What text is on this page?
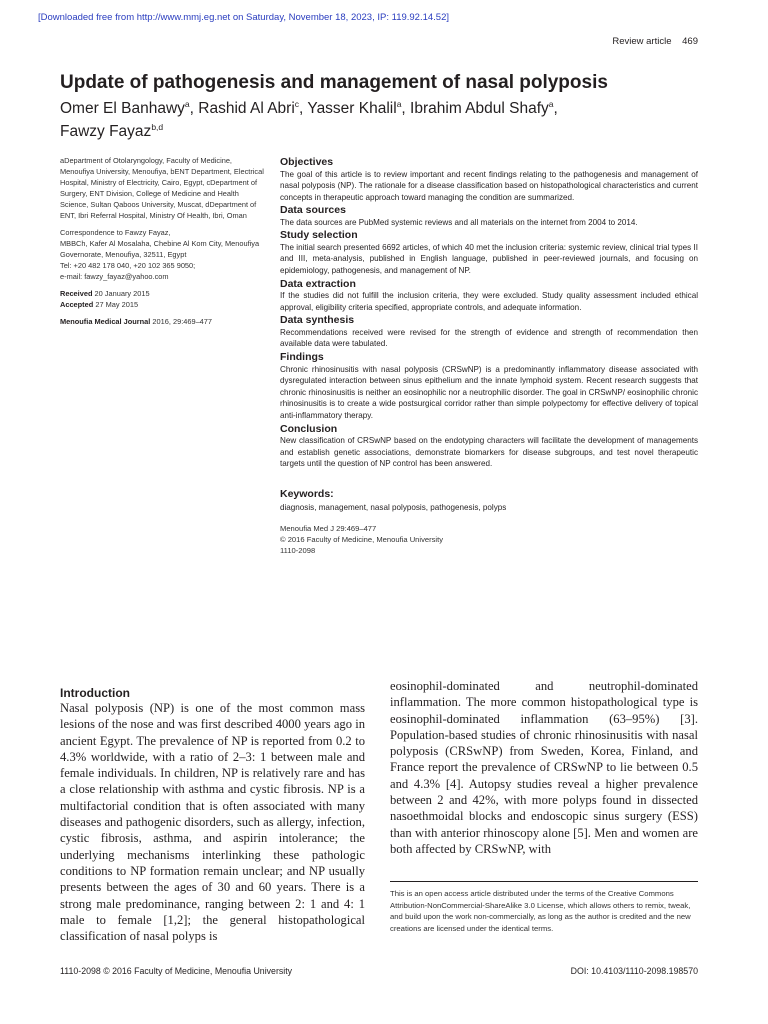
[Downloaded free from http://www.mmj.eg.net on Saturday, November 18, 2023, IP: 119.92.14.52]
Review article 469
Update of pathogenesis and management of nasal polyposis
Omer El Banhawy$^a$, Rashid Al Abri$^c$, Yasser Khalil$^a$, Ibrahim Abdul Shafy$^a$,
Fawzy Fayaz$^{b,d}$

aDepartment of Otolaryngology, Faculty of Medicine, Menoufiya University, Menoufiya, bENT Department, Electrical Hospital, Ministry of Electricity, Cairo, Egypt, cDepartment of Surgery, ENT Division, College of Medicine and Health Science, Sultan Qaboos University, Muscat, dDepartment of ENT, Ibri Referral Hospital, Ministry Of Health, Ibri, Oman

Correspondence to Fawzy Fayaz,

MBBCh, Kafer Al Mosalaha, Chebine Al Kom City, Menoufiya Governorate, Menoufiya, 32511, Egypt

Tel: +20 482 178 040, +20 102 365 9050;

e-mail: fawzy_fayaz@yahoo.com

Received 20 January 2015

Accepted 27 May 2015

Menoufia Medical Journal 2016, 29:469–477

Objectives
The goal of this article is to review important and recent findings relating to the pathogenesis and management of nasal polyposis (NP). The rationale for a disease classification based on histopathological characteristics and current concepts in therapeutic approach toward managing the condition are summarized.
Data sources
The data sources are PubMed systemic reviews and all materials on the internet from 2004 to 2014.
Study selection
The initial search presented 6692 articles, of which 40 met the inclusion criteria: systemic review, clinical trial types II and III, meta-analysis, published in English language, published in peer-reviewed journals, and focusing on epidemiology, pathogenesis, and management of NP.
Data extraction
If the studies did not fulfill the inclusion criteria, they were excluded. Study quality assessment included ethical approval, eligibility criteria specified, appropriate controls, and adequate information.
Data synthesis
Recommendations received were revised for the strength of evidence and strength of recommendation then available data were tabulated.
Findings
Chronic rhinosinusitis with nasal polyposis (CRSwNP) is a predominantly inflammatory disease associated with dysregulated interaction between sinus epithelium and the innate lymphoid system. Recent research suggests that chronic rhinosinusitis is neither an eosinophilic nor a neutrophilic disorder. The goal in CRSwNP/ eosinophilic chronic rhinosinusitis is to create a wide postsurgical corridor rather than simple polypectomy for effective delivery of topical anti-inflammatory therapy.
Conclusion
New classification of CRSwNP based on the endotyping characters will facilitate the development of managements and establish genetic associations, demonstrate biomarkers for disease subgroups, and test novel therapeutic targets until the question of NP control has been answered.
Keywords:
diagnosis, management, nasal polyposis, pathogenesis, polyps
Menoufia Med J 29:469–477
© 2016 Faculty of Medicine, Menoufia University
1110-2098
Introduction
Nasal polyposis (NP) is one of the most common mass lesions of the nose and was first described 4000 years ago in ancient Egypt. The prevalence of NP is reported from 0.2 to 4.3% worldwide, with a ratio of 2–3: 1 between male and female individuals. In children, NP is relatively rare and has a close relationship with asthma and cystic fibrosis. NP is a multifactorial condition that is often associated with many diseases and pathogenic disorders, such as allergy, infection, cystic fibrosis, asthma, and aspirin intolerance; the underlying mechanisms interlinking these pathologic conditions to NP formation remain unclear; and NP usually presents between the ages of 30 and 60 years. There is a strong male predominance, ranging between 2: 1 and 4: 1 male to female [1,2]; the general histopathological classification of nasal polyps is
eosinophil-dominated and neutrophil-dominated inflammation. The more common histopathological type is eosinophil-dominated inflammation (63–95%) [3]. Population-based studies of chronic rhinosinusitis with nasal polyposis (CRSwNP) from Sweden, Korea, Finland, and France report the prevalence of CRSwNP to lie between 0.5 and 4.3% [4]. Autopsy studies reveal a higher prevalence between 2 and 42%, with more polyps found in dissected nasoethmoidal blocks and endoscopic sinus surgery (ESS) than with anterior rhinoscopy alone [5]. Men and women are both affected by CRSwNP, with
This is an open access article distributed under the terms of the Creative Commons Attribution-NonCommercial-ShareAlike 3.0 License, which allows others to remix, tweak, and build upon the work non-commercially, as long as the author is credited and the new creations are licensed under the identical terms.
1110-2098 © 2016 Faculty of Medicine, Menoufia University	DOI: 10.4103/1110-2098.198570
